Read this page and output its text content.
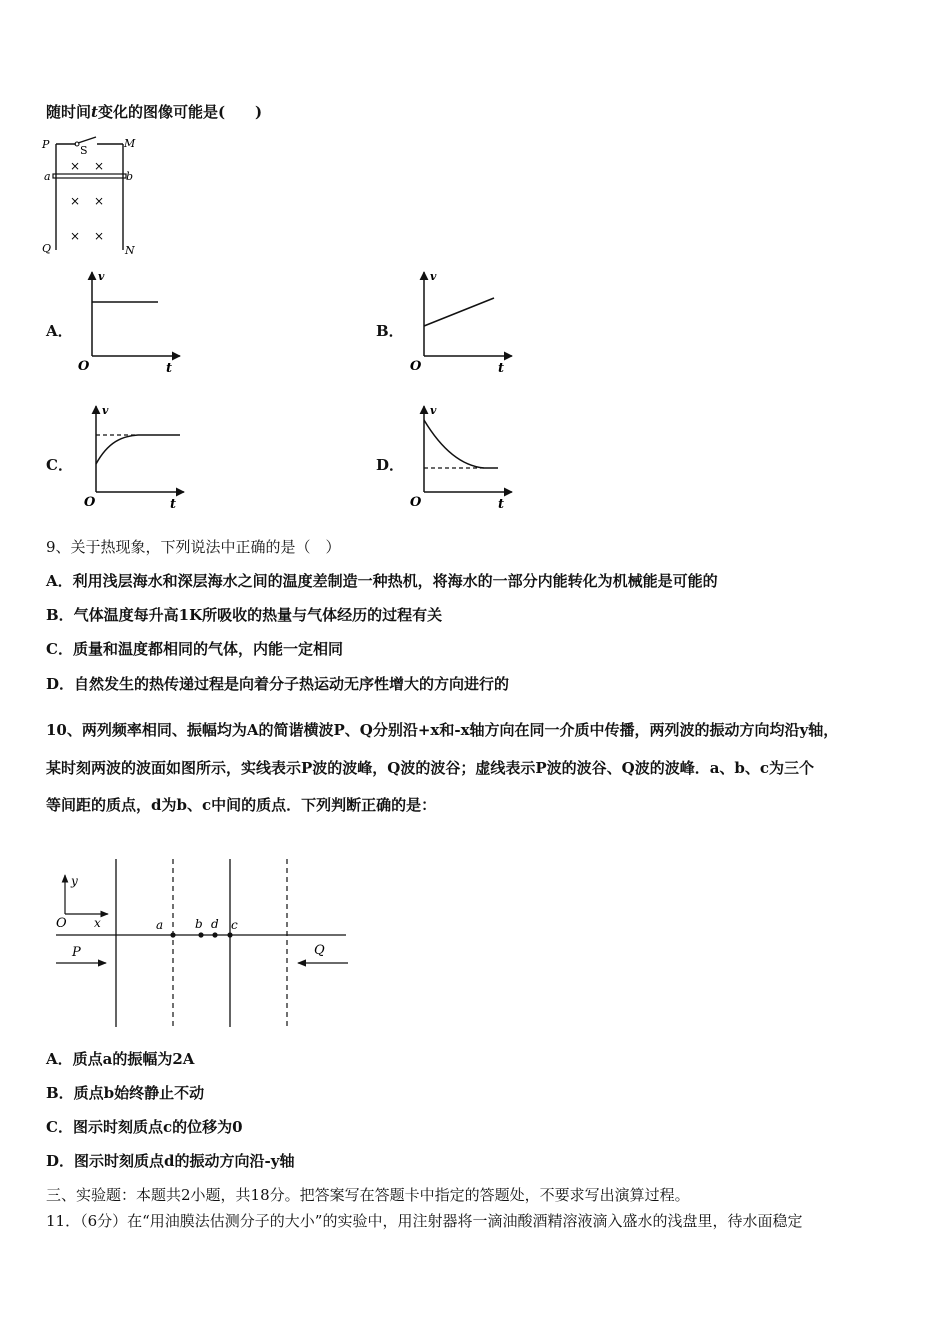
随时间t变化的图像可能是(　　)
P	M
S
a	b
Q	N
× ×
× ×
× ×
A．
v
O	t
B．
v
O	t
C．
v
O	t
D．
v
O	t
9、关于热现象，下列说法中正确的是（　）
A．利用浅层海水和深层海水之间的温度差制造一种热机，将海水的一部分内能转化为机械能是可能的
B．气体温度每升高1K所吸收的热量与气体经历的过程有关
C．质量和温度都相同的气体，内能一定相同
D．自然发生的热传递过程是向着分子热运动无序性增大的方向进行的
10、两列频率相同、振幅均为A的简谐横波P、Q分别沿+x和-x轴方向在同一介质中传播，两列波的振动方向均沿y轴，
某时刻两波的波面如图所示，实线表示P波的波峰，Q波的波谷；虚线表示P波的波谷、Q波的波峰．a、b、c为三个
等间距的质点，d为b、c中间的质点．下列判断正确的是：
y
x
O	a	b d c
P	Q
A．质点a的振幅为2A
B．质点b始终静止不动
C．图示时刻质点c的位移为0
D．图示时刻质点d的振动方向沿-y轴
三、实验题：本题共2小题，共18分。把答案写在答题卡中指定的答题处，不要求写出演算过程。
11．（6分）在“用油膜法估测分子的大小”的实验中，用注射器将一滴油酸酒精溶液滴入盛水的浅盘里，待水面稳定
